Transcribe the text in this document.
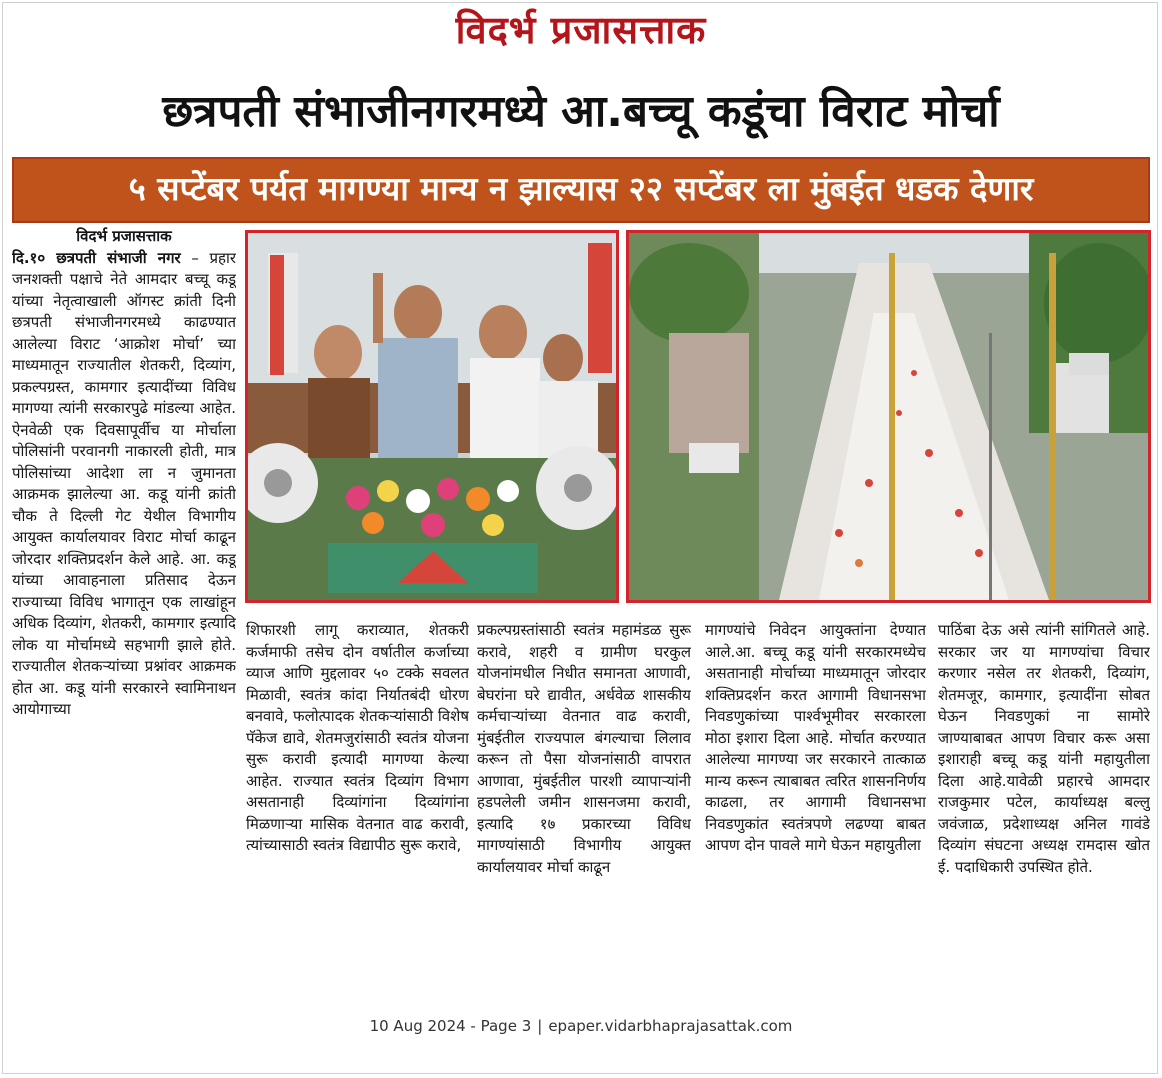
विदर्भ प्रजासत्ताक
छत्रपती संभाजीनगरमध्ये आ.बच्चू कडूंचा विराट मोर्चा
५ सप्टेंबर पर्यत मागण्या मान्य न झाल्यास २२ सप्टेंबर ला मुंबईत धडक देणार
विदर्भ प्रजासत्ताक
दि.१० छत्रपती संभाजी नगर – प्रहार जनशक्ती पक्षाचे नेते आमदार बच्चू कडू यांच्या नेतृत्वाखाली ऑगस्ट क्रांती दिनी छत्रपती संभाजीनगरमध्ये काढण्यात आलेल्या विराट ‘आक्रोश मोर्चा’ च्या माध्यमातून राज्यातील शेतकरी, दिव्यांग, प्रकल्पग्रस्त, कामगार इत्यादींच्या विविध मागण्या त्यांनी सरकारपुढे मांडल्या आहेत. ऐनवेळी एक दिवसापूर्वीच या मोर्चाला पोलिसांनी परवानगी नाकारली होती, मात्र पोलिसांच्या आदेशा ला न जुमानता आक्रमक झालेल्या आ. कडू यांनी क्रांती चौक ते दिल्ली गेट येथील विभागीय आयुक्त कार्यालयावर विराट मोर्चा काढून जोरदार शक्तिप्रदर्शन केले आहे. आ. कडू यांच्या आवाहनाला प्रतिसाद देऊन राज्याच्या विविध भागातून एक लाखांहून अधिक दिव्यांग, शेतकरी, कामगार इत्यादि लोक या मोर्चामध्ये सहभागी झाले होते. राज्यातील शेतकऱ्यांच्या प्रश्नांवर आक्रमक होत आ. कडू यांनी सरकारने स्वामिनाथन आयोगाच्या
शिफारशी लागू कराव्यात, शेतकरी कर्जमाफी तसेच दोन वर्षातील कर्जाच्या व्याज आणि मुद्दलावर ५० टक्के सवलत मिळावी, स्वतंत्र कांदा निर्यातबंदी धोरण बनवावे, फलोत्पादक शेतकऱ्यांसाठी विशेष पॅकेज द्यावे, शेतमजुरांसाठी स्वतंत्र योजना सुरू करावी इत्यादी मागण्या केल्या आहेत. राज्यात स्वतंत्र दिव्यांग विभाग असतानाही दिव्यांगांना दिव्यांगांना मिळणाऱ्या मासिक वेतनात वाढ करावी, त्यांच्यासाठी स्वतंत्र विद्यापीठ सुरू करावे,
प्रकल्पग्रस्तांसाठी स्वतंत्र महामंडळ सुरू करावे, शहरी व ग्रामीण घरकुल योजनांमधील निधीत समानता आणावी, बेघरांना घरे द्यावीत, अर्धवेळ शासकीय कर्मचाऱ्यांच्या वेतनात वाढ करावी, मुंबईतील राज्यपाल बंगल्याचा लिलाव करून तो पैसा योजनांसाठी वापरात आणावा, मुंबईतील पारशी व्यापाऱ्यांनी हडपलेली जमीन शासनजमा करावी, इत्यादि १७ प्रकारच्या विविध मागण्यांसाठी विभागीय आयुक्त कार्यालयावर मोर्चा काढून
मागण्यांचे निवेदन आयुक्तांना देण्यात आले.आ. बच्चू कडू यांनी सरकारमध्येच असतानाही मोर्चाच्या माध्यमातून जोरदार शक्तिप्रदर्शन करत आगामी विधानसभा निवडणुकांच्या पार्श्वभूमीवर सरकारला मोठा इशारा दिला आहे. मोर्चात करण्यात आलेल्या मागण्या जर सरकारने तात्काळ मान्य करून त्याबाबत त्वरित शासननिर्णय काढला, तर आगामी विधानसभा निवडणुकांत स्वतंत्रपणे लढण्या बाबत आपण दोन पावले मागे घेऊन महायुतीला
पाठिंबा देऊ असे त्यांनी सांगितले आहे. सरकार जर या मागण्यांचा विचार करणार नसेल तर शेतकरी, दिव्यांग, शेतमजूर, कामगार, इत्यादींना सोबत घेऊन निवडणुकां ना सामोरे जाण्याबाबत आपण विचार करू असा इशाराही बच्चू कडू यांनी महायुतीला दिला आहे.यावेळी प्रहारचे आमदार राजकुमार पटेल, कार्याध्यक्ष बल्लु जवंजाळ, प्रदेशाध्यक्ष अनिल गावंडे दिव्यांग संघटना अध्यक्ष रामदास खोत ई. पदाधिकारी उपस्थित होते.
10 Aug 2024 - Page 3 | epaper.vidarbhaprajasattak.com
